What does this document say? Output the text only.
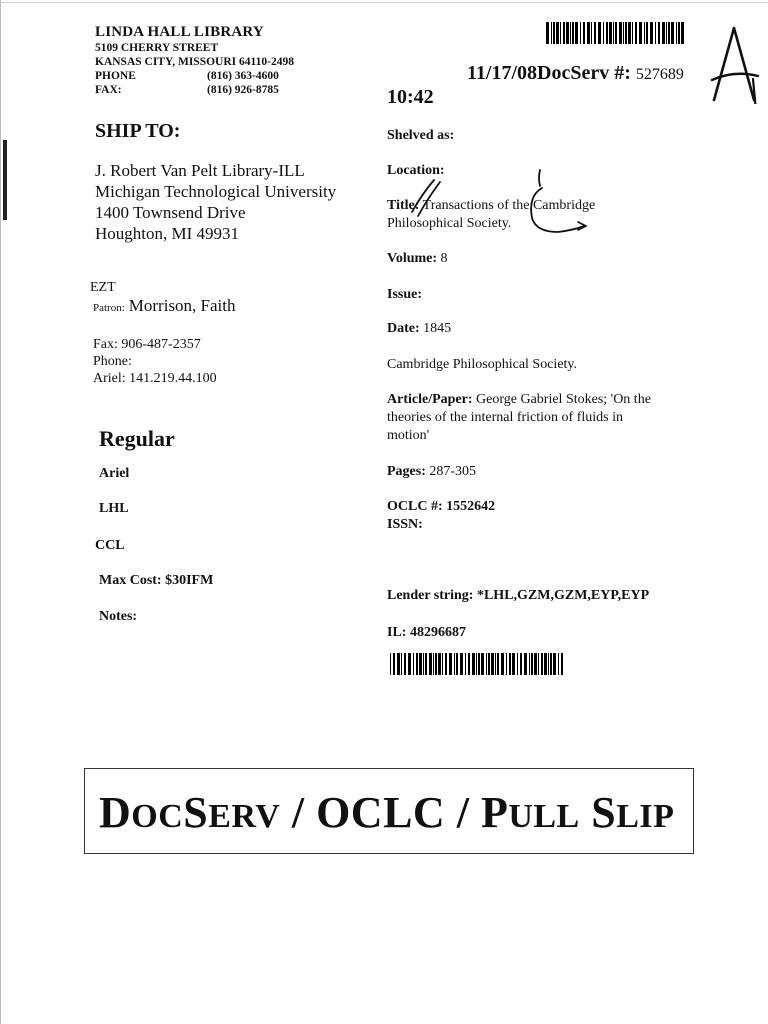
LINDA HALL LIBRARY
5109 CHERRY STREET
KANSAS CITY, MISSOURI 64110-2498
PHONE	(816) 363-4600
FAX:	(816) 926-8785
11/17/08DocServ #: 527689
10:42
SHIP TO:
J. Robert Van Pelt Library-ILL
Michigan Technological University
1400 Townsend Drive
Houghton, MI 49931
EZT
Patron: Morrison, Faith
Fax: 906-487-2357
Phone:
Ariel: 141.219.44.100
Regular
Ariel
LHL
CCL
Max Cost: $30IFM
Notes:
Shelved as:
Location:
Title: Transactions of the Cambridge
Philosophical Society.
Volume: 8
Issue:
Date: 1845
Cambridge Philosophical Society.
Article/Paper: George Gabriel Stokes; 'On the
theories of the internal friction of fluids in
motion'
Pages: 287-305
OCLC #: 1552642
ISSN:
Lender string: *LHL,GZM,GZM,EYP,EYP
IL: 48296687
DOCSERV / OCLC / PULL SLIP
